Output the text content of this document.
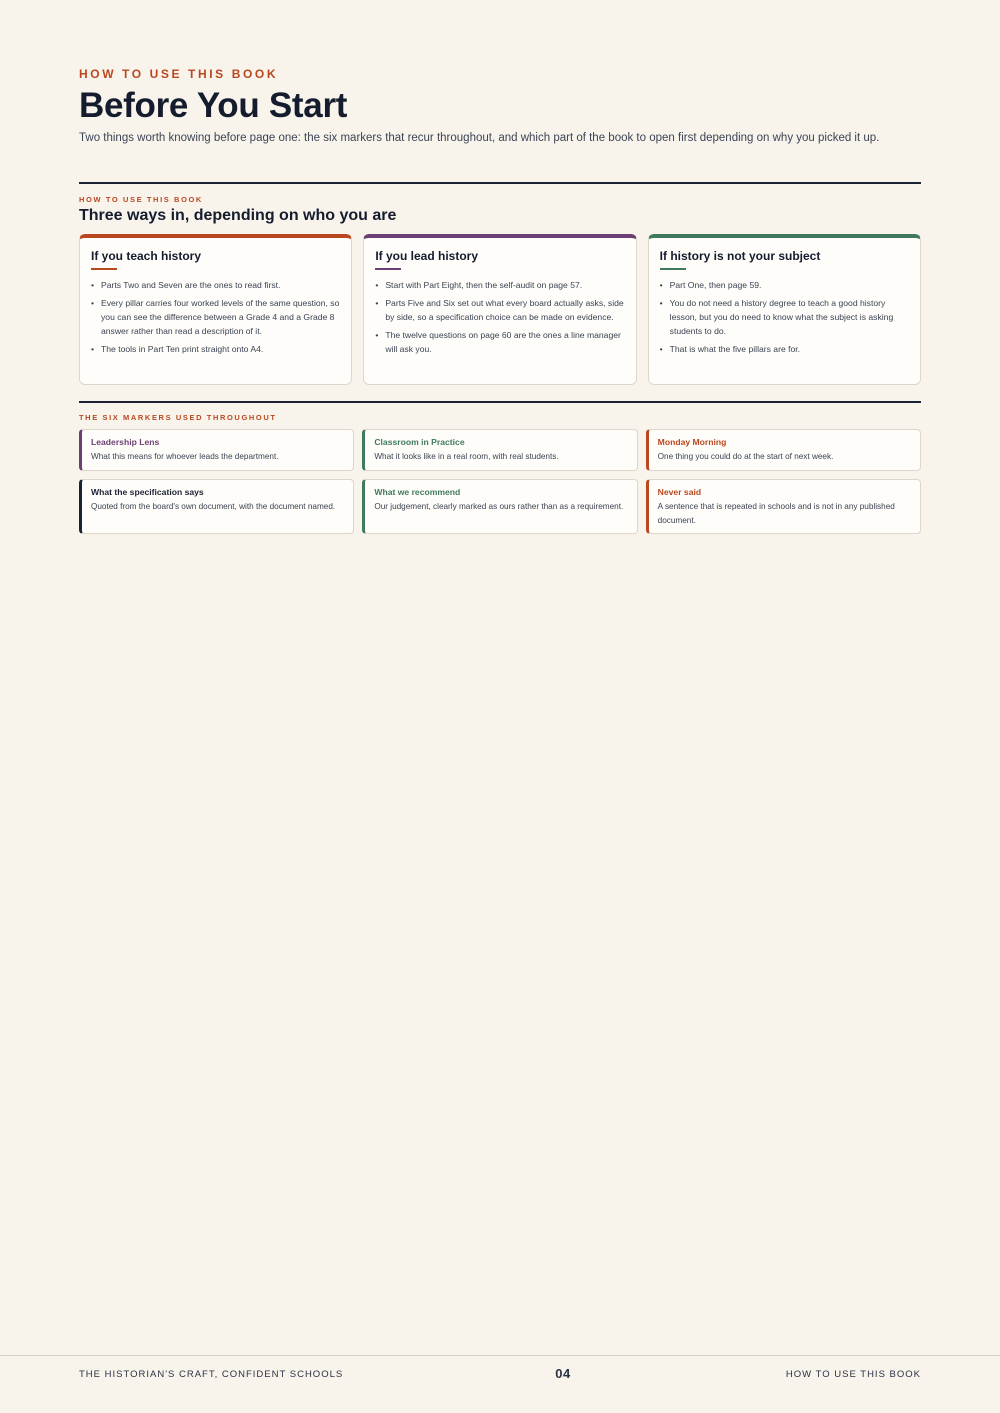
HOW TO USE THIS BOOK
Before You Start

Two things worth knowing before page one: the six markers that recur throughout, and which part of the book to open first depending on why you picked it up.

HOW TO USE THIS BOOK
Three ways in, depending on who you are
If you teach history
• Parts Two and Seven are the ones to read first.
• Every pillar carries four worked levels of the same question, so you can see the difference between a Grade 4 and a Grade 8 answer rather than read a description of it.
• The tools in Part Ten print straight onto A4.
If you lead history
• Start with Part Eight, then the self-audit on page 57.
• Parts Five and Six set out what every board actually asks, side by side, so a specification choice can be made on evidence.
• The twelve questions on page 60 are the ones a line manager will ask you.
If history is not your subject
• Part One, then page 59.
• You do not need a history degree to teach a good history lesson, but you do need to know what the subject is asking students to do.
• That is what the five pillars are for.
THE SIX MARKERS USED THROUGHOUT
Leadership Lens
What this means for whoever leads the department.
Classroom in Practice
What it looks like in a real room, with real students.
Monday Morning
One thing you could do at the start of next week.
What the specification says
Quoted from the board's own document, with the document named.
What we recommend
Our judgement, clearly marked as ours rather than as a requirement.
Never said
A sentence that is repeated in schools and is not in any published document.
THE HISTORIAN'S CRAFT, CONFIDENT SCHOOLS	04	HOW TO USE THIS BOOK
